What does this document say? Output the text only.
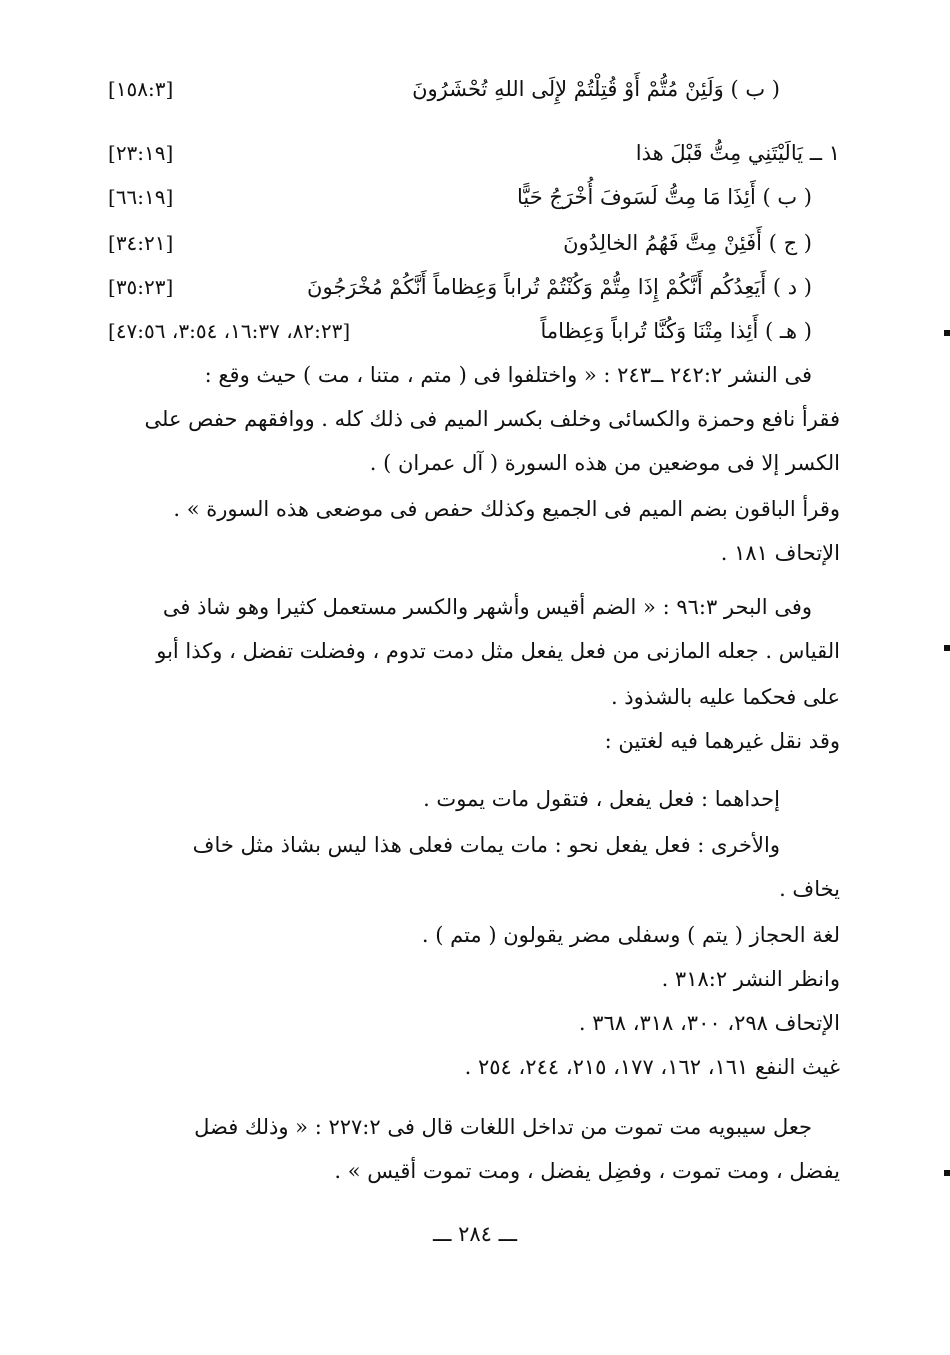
( ب ) وَلَئِنْ مُتُّمْ أَوْ قُتِلْتُمْ لإِلَى اللهِ تُحْشَرُونَ
[١٥٨:٣]
١ ــ يَالَيْتَنِي مِتُّ قَبْلَ هذا
[٢٣:١٩]
( ب ) أَئِذَا مَا مِتُّ لَسَوفَ أُخْرَجُ حَيًّا
[٦٦:١٩]
( ج ) أَفَئِنْ مِتَّ فَهُمُ الخالِدُونَ
[٣٤:٢١]
( د ) أَيَعِدُكُم أَنَّكُمْ إِذَا مِتُّمْ وَكُنْتُمْ تُراباً وَعِظاماً أَنَّكُمْ مُخْرَجُونَ
[٣٥:٢٣]
( هـ ) أَئِذا مِتْنَا وَكُنَّا تُراباً وَعِظاماً
[٨٢:٢٣، ١٦:٣٧، ٣:٥٤، ٤٧:٥٦]
فى النشر ٢٤٢:٢ ــ٢٤٣ : « واختلفوا فى ( متم ، متنا ، مت ) حيث وقع :
فقرأ نافع وحمزة والكسائى وخلف بكسر الميم فى ذلك كله . ووافقهم حفص على
الكسر إلا فى موضعين من هذه السورة ( آل عمران ) .
وقرأ الباقون بضم الميم فى الجميع وكذلك حفص فى موضعى هذه السورة » .
الإتحاف ١٨١ .
وفى البحر ٩٦:٣ : « الضم أقيس وأشهر والكسر مستعمل كثيرا وهو شاذ فى
القياس . جعله المازنى من فعل يفعل مثل دمت تدوم ، وفضلت تفضل ، وكذا أبو
على فحكما عليه بالشذوذ .
وقد نقل غيرهما فيه لغتين :
إحداهما : فعل يفعل ، فتقول مات يموت .
والأخرى : فعل يفعل نحو : مات يمات فعلى هذا ليس بشاذ مثل خاف
يخاف .
لغة الحجاز ( يتم ) وسفلى مضر يقولون ( متم ) .
وانظر النشر ٣١٨:٢ .
الإتحاف ٢٩٨، ٣٠٠، ٣١٨، ٣٦٨ .
غيث النفع ١٦١، ١٦٢، ١٧٧، ٢١٥، ٢٤٤، ٢٥٤ .
جعل سيبويه مت تموت من تداخل اللغات قال فى ٢٢٧:٢ : « وذلك فضل
يفضل ، ومت تموت ، وفضِل يفضل ، ومت تموت أقيس » .
ـــ ٢٨٤ ـــ
